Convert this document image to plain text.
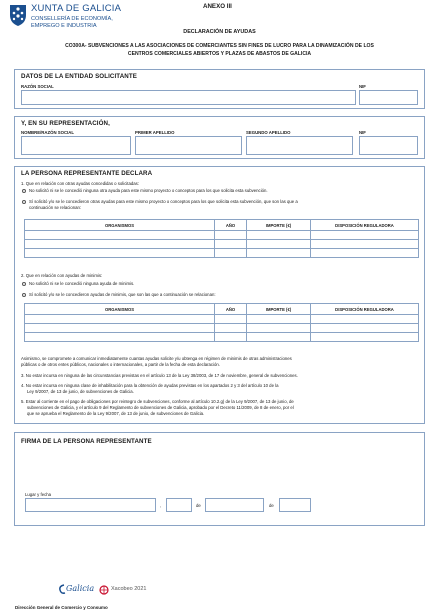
XUNTA DE GALICIA
CONSELLERÍA DE ECONOMÍA,
EMPREGO E INDUSTRIA
ANEXO III
DECLARACIÓN DE AYUDAS
CO300A- SUBVENCIONES A LAS ASOCIACIONES DE COMERCIANTES SIN FINES DE LUCRO PARA LA DINAMIZACIÓN DE LOS
CENTROS COMERCIALES ABIERTOS Y PLAZAS DE ABASTOS DE GALICIA
DATOS DE LA ENTIDAD SOLICITANTE
RAZÓN SOCIAL	NIF
Y, EN SU REPRESENTACIÓN,
NOMBRE/RAZÓN SOCIAL	PRIMER APELLIDO	SEGUNDO APELLIDO	NIF
LA PERSONA REPRESENTANTE DECLARA
1. Que en relación con otras ayudas concedidas o solicitadas:
No solicitó ni se le concedió ninguna otra ayuda para este mismo proyecto o conceptos para los que solicita esta subvención.
Sí solicitó y/o se le concedieron otras ayudas para este mismo proyecto o conceptos para los que solicita esta subvención, que son las que a
continuación se relacionan:
ORGANISMOS	AÑO	IMPORTE (€)	DISPOSICIÓN REGULADORA

2. Que en relación con ayudas de minimis:
No solicitó ni se le concedió ninguna ayuda de minimis.
Sí solicitó y/o se le concedieron ayudas de minimis, que son las que a continuación se relacionan:
ORGANISMOS	AÑO	IMPORTE (€)	DISPOSICIÓN REGULADORA

Asimismo, se compromete a comunicar inmediatamente cuantas ayudas solicite y/u obtenga en régimen de minimis de otras administraciones
públicas o de otros entes públicos, nacionales o internacionales, a partir de la fecha de esta declaración.
3. No estar incursa en ninguna de las circunstancias previstas en el artículo 13 de la Ley 38/2003, de 17 de noviembre, general de subvenciones.
4. No estar incursa en ninguna clase de inhabilitación para la obtención de ayudas previstas en los apartados 2 y 3 del artículo 10 de la
Ley 9/2007, de 13 de junio, de subvenciones de Galicia.
5. Estar al corriente en el pago de obligaciones por reintegro de subvenciones, conforme al artículo 10.2.g) de la Ley 9/2007, de 13 de junio, de
subvenciones de Galicia, y el artículo 9 del Reglamento de subvenciones de Galicia, aprobado por el Decreto 11/2009, de 8 de enero, por el
que se aprueba el Reglamento de la Ley 9/2007, de 13 de junio, de subvenciones de Galicia.
FIRMA DE LA PERSONA REPRESENTANTE
Lugar y fecha
,	de	de
Galicia	Xacobeo 2021
Dirección General de Comercio y Consumo
